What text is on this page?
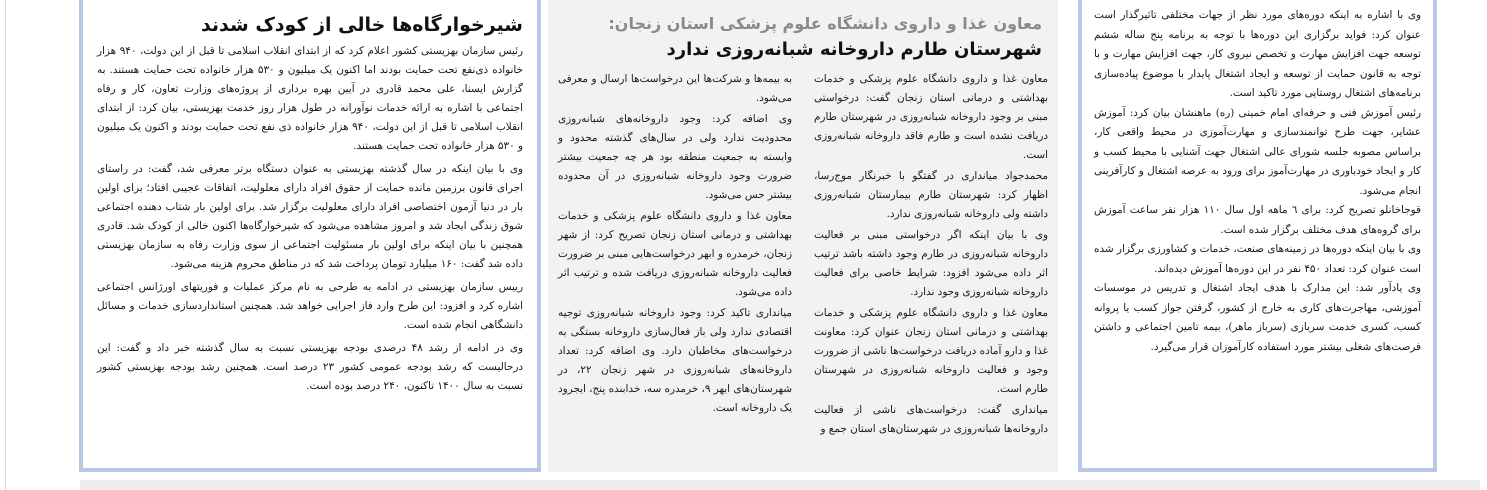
شیرخوارگاه‌ها خالی از کودک شدند

رئیس سازمان بهزیستی کشور اعلام کرد که از ابتدای انقلاب اسلامی تا قبل از این دولت، ۹۴۰ هزار خانواده ذی‌نفع تحت حمایت بودند اما اکنون یک میلیون و ۵۳۰ هزار خانواده تحت حمایت هستند. به گزارش ایسنا، علی محمد قادری در آیین بهره برداری از پروژه‌های وزارت تعاون، کار و رفاه اجتماعی با اشاره به ارائه خدمات نوآورانه در طول هزار روز خدمت بهزیستی، بیان کرد: از ابتدای انقلاب اسلامی تا قبل از این دولت، ۹۴۰ هزار خانواده ذی نفع تحت حمایت بودند و اکنون یک میلیون و ۵۳۰ هزار خانواده تحت حمایت هستند.

وی با بیان اینکه در سال گذشته بهزیستی به عنوان دستگاه برتر معرفی شد، گفت: در راستای اجرای قانون برزمین مانده حمایت از حقوق افراد دارای معلولیت، اتفاقات عجیبی افتاد؛ برای اولین بار در دنیا آزمون اختصاصی افراد دارای معلولیت برگزار شد. برای اولین بار شتاب دهنده اجتماعی شوق زندگی ایجاد شد و امروز مشاهده می‌شود که شیرخوارگاه‌ها اکنون خالی از کودک شد. قادری همچنین با بیان اینکه برای اولین بار مسئولیت اجتماعی از سوی وزارت رفاه به سازمان بهزیستی داده شد گفت: ۱۶۰ میلیارد تومان پرداخت شد که در مناطق محروم هزینه می‌شود.

رییس سازمان بهزیستی در ادامه به طرحی به نام مرکز عملیات و فوریتهای اورژانس اجتماعی اشاره کرد و افزود: این طرح وارد فاز اجرایی خواهد شد. همچنین استانداردسازی خدمات و مسائل دانشگاهی انجام شده است.

وی در ادامه از رشد ۴۸ درصدی بودجه بهزیستی نسبت به سال گذشته خبر داد و گفت: این درحالیست که رشد بودجه عمومی کشور ۲۳ درصد است. همچنین رشد بودجه بهزیستی کشور نسبت به سال ۱۴۰۰ تاکنون، ۲۴۰ درصد بوده است.

معاون غذا و داروی دانشگاه علوم پزشکی استان زنجان:
شهرستان طارم داروخانه شبانه‌روزی ندارد

معاون غذا و داروی دانشگاه علوم پزشکی و خدمات بهداشتی و درمانی استان زنجان گفت: درخواستی مبنی بر وجود داروخانه شبانه‌روزی در شهرستان طارم دریافت نشده است و طارم فاقد داروخانه شبانه‌روزی است.

محمدجواد میانداری در گفتگو با خبرنگار موج‌رسا، اظهار کرد: شهرستان طارم بیمارستان شبانه‌روزی داشته ولی داروخانه شبانه‌روزی ندارد.

وی با بیان اینکه اگر درخواستی مبنی بر فعالیت داروخانه شبانه‌روزی در طارم وجود داشته باشد ترتیب اثر داده می‌شود افزود: شرایط خاصی برای فعالیت داروخانه شبانه‌روزی وجود ندارد.

معاون غذا و داروی دانشگاه علوم پزشکی و خدمات بهداشتی و درمانی استان زنجان عنوان کرد: معاونت غذا و دارو آماده دریافت درخواست‌ها ناشی از ضرورت وجود و فعالیت داروخانه شبانه‌روزی در شهرستان طارم است.

میانداری گفت: درخواست‌های ناشی از فعالیت داروخانه‌ها شبانه‌روزی در شهرستان‌های استان جمع و

به بیمه‌ها و شرکت‌ها این درخواست‌ها ارسال و معرفی می‌شود.

وی اضافه کرد: وجود داروخانه‌های شبانه‌روزی محدودیت ندارد ولی در سال‌های گذشته محدود و وابسته به جمعیت منطقه بود هر چه جمعیت بیشتر ضرورت وجود داروخانه شبانه‌روزی در آن محدوده بیشتر حس می‌شود.

معاون غذا و داروی دانشگاه علوم پزشکی و خدمات بهداشتی و درمانی استان زنجان تصریح کرد: از شهر زنجان، خرمدره و ابهر درخواست‌هایی مبنی بر ضرورت فعالیت داروخانه شبانه‌روزی دریافت شده و ترتیب اثر داده می‌شود.

میانداری تاکید کرد: وجود داروخانه شبانه‌روزی توجیه اقتصادی ندارد ولی باز فعال‌سازی داروخانه بستگی به درخواست‌های مخاطبان دارد. وی اضافه کرد: تعداد داروخانه‌های شبانه‌روزی در شهر زنجان ۲۲، در شهرستان‌های ابهر ۹، خرمدره سه، خدابنده پنج، ایجرود یک داروخانه است.

وی با اشاره به اینکه دوره‌های مورد نظر از جهات مختلفی تاثیرگذار است عنوان کرد: فواید برگزاری این دوره‌ها با توجه به برنامه پنج ساله ششم توسعه جهت افزایش مهارت و تخصص نیروی کار، جهت افزایش مهارت و با توجه به قانون حمایت از توسعه و ایجاد اشتغال پایدار با موضوع پیاده‌سازی برنامه‌های اشتغال روستایی مورد تاکید است.

رئیس آموزش فنی و حرفه‌ای امام خمینی (ره) ماهنشان بیان کرد: آموزش عشایر، جهت طرح توانمندسازی و مهارت‌آموزی در محیط واقعی کار، براساس مصوبه جلسه شورای عالی اشتغال جهت آشنایی با محیط کسب و کار و ایجاد خودباوری در مهارت‌آموز برای ورود به عرصه اشتغال و کارآفرینی انجام می‌شود.

قوجاخانلو تصریح کرد: برای ٦ ماهه اول سال ۱۱۰ هزار نفر ساعت آموزش برای گروه‌های هدف مختلف برگزار شده است.

وی با بیان اینکه دوره‌ها در زمینه‌های صنعت، خدمات و کشاورزی برگزار شده است عنوان کرد: تعداد ۴۵۰ نفر در این دوره‌ها آموزش دیده‌اند.

وی یادآور شد: این مدارک با هدف ایجاد اشتغال و تدریس در موسسات آموزشی، مهاجرت‌های کاری به خارج از کشور، گرفتن جواز کسب یا پروانه کسب، کسری خدمت سربازی (سرباز ماهر)، بیمه تامین اجتماعی و داشتن فرصت‌های شغلی بیشتر مورد استفاده کارآموزان قرار می‌گیرد.
